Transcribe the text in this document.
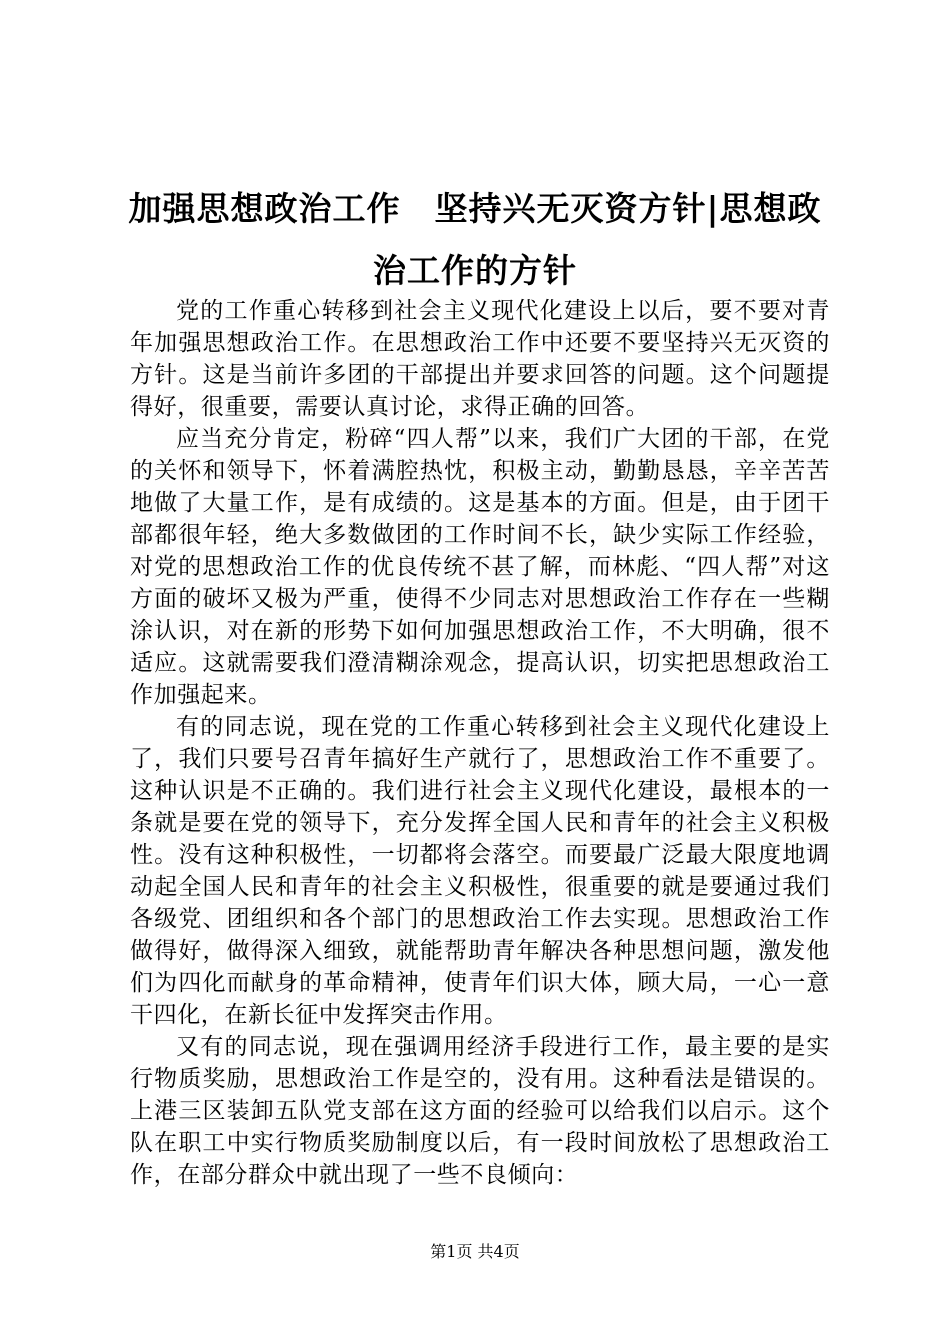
加强思想政治工作　坚持兴无灭资方针|思想政治工作的方针

党的工作重心转移到社会主义现代化建设上以后，要不要对青年加强思想政治工作。在思想政治工作中还要不要坚持兴无灭资的方针。这是当前许多团的干部提出并要求回答的问题。这个问题提得好，很重要，需要认真讨论，求得正确的回答。

应当充分肯定，粉碎“四人帮”以来，我们广大团的干部，在党的关怀和领导下，怀着满腔热忱，积极主动，勤勤恳恳，辛辛苦苦地做了大量工作，是有成绩的。这是基本的方面。但是，由于团干部都很年轻，绝大多数做团的工作时间不长，缺少实际工作经验，对党的思想政治工作的优良传统不甚了解，而林彪、“四人帮”对这方面的破坏又极为严重，使得不少同志对思想政治工作存在一些糊涂认识，对在新的形势下如何加强思想政治工作，不大明确，很不适应。这就需要我们澄清糊涂观念，提高认识，切实把思想政治工作加强起来。

有的同志说，现在党的工作重心转移到社会主义现代化建设上了，我们只要号召青年搞好生产就行了，思想政治工作不重要了。这种认识是不正确的。我们进行社会主义现代化建设，最根本的一条就是要在党的领导下，充分发挥全国人民和青年的社会主义积极性。没有这种积极性，一切都将会落空。而要最广泛最大限度地调动起全国人民和青年的社会主义积极性，很重要的就是要通过我们各级党、团组织和各个部门的思想政治工作去实现。思想政治工作做得好，做得深入细致，就能帮助青年解决各种思想问题，激发他们为四化而献身的革命精神，使青年们识大体，顾大局，一心一意干四化，在新长征中发挥突击作用。

又有的同志说，现在强调用经济手段进行工作，最主要的是实行物质奖励，思想政治工作是空的，没有用。这种看法是错误的。上港三区装卸五队党支部在这方面的经验可以给我们以启示。这个队在职工中实行物质奖励制度以后，有一段时间放松了思想政治工作，在部分群众中就出现了一些不良倾向：

第1页 共4页
